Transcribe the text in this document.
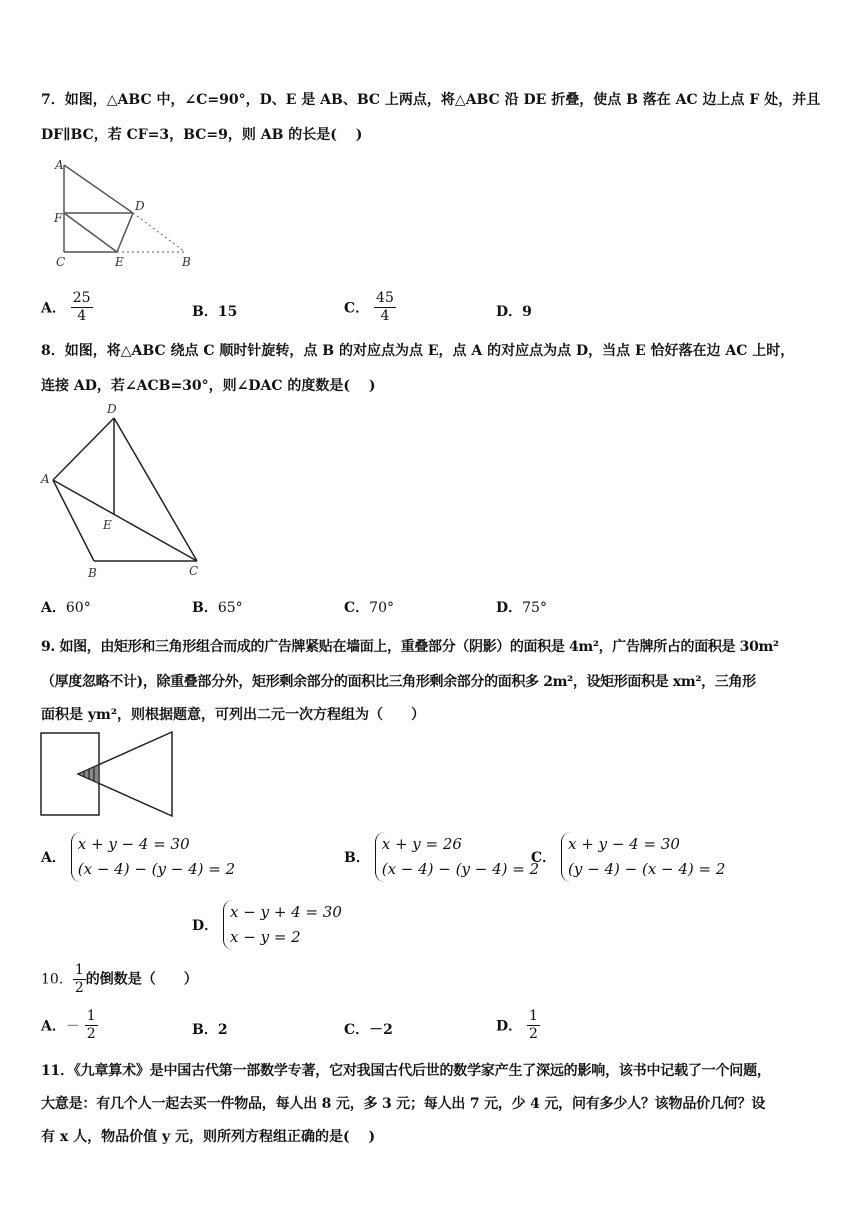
7．如图，△ABC 中，∠C=90°，D、E 是 AB、BC 上两点，将△ABC 沿 DE 折叠，使点 B 落在 AC 边上点 F 处，并且
DF∥BC，若 CF=3，BC=9，则 AB 的长是(　 )
A
D
F
C	E	B
A． $\frac{25}{4}$	B．15	C． $\frac{45}{4}$	D．9
8．如图，将△ABC 绕点 C 顺时针旋转，点 B 的对应点为点 E，点 A 的对应点为点 D，当点 E 恰好落在边 AC 上时，
连接 AD，若∠ACB=30°，则∠DAC 的度数是(　 )
D
A
E
B	C
A．60°	B．65°	C．70°	D．75°
9. 如图，由矩形和三角形组合而成的广告牌紧贴在墙面上，重叠部分（阴影）的面积是 4m²，广告牌所占的面积是 30m²
（厚度忽略不计)，除重叠部分外，矩形剩余部分的面积比三角形剩余部分的面积多 2m²，设矩形面积是 xm²，三角形
面积是 ym²，则根据题意，可列出二元一次方程组为（　　）
A．
x + y − 4 = 30
(x − 4) − (y − 4) = 2
B．
x + y = 26
(x − 4) − (y − 4) = 2
C．
x + y − 4 = 30
(y − 4) − (x − 4) = 2
D．
x − y + 4 = 30
x − y = 2
10． $\frac{1}{2}$ 的倒数是（　　）
A．－ $\frac{1}{2}$	B．2	C．－2	D． $\frac{1}{2}$
11．《九章算术》是中国古代第一部数学专著，它对我国古代后世的数学家产生了深远的影响，该书中记载了一个问题，
大意是：有几个人一起去买一件物品，每人出 8 元，多 3 元；每人出 7 元，少 4 元，问有多少人？该物品价几何？设
有 x 人，物品价值 y 元，则所列方程组正确的是(　 )
